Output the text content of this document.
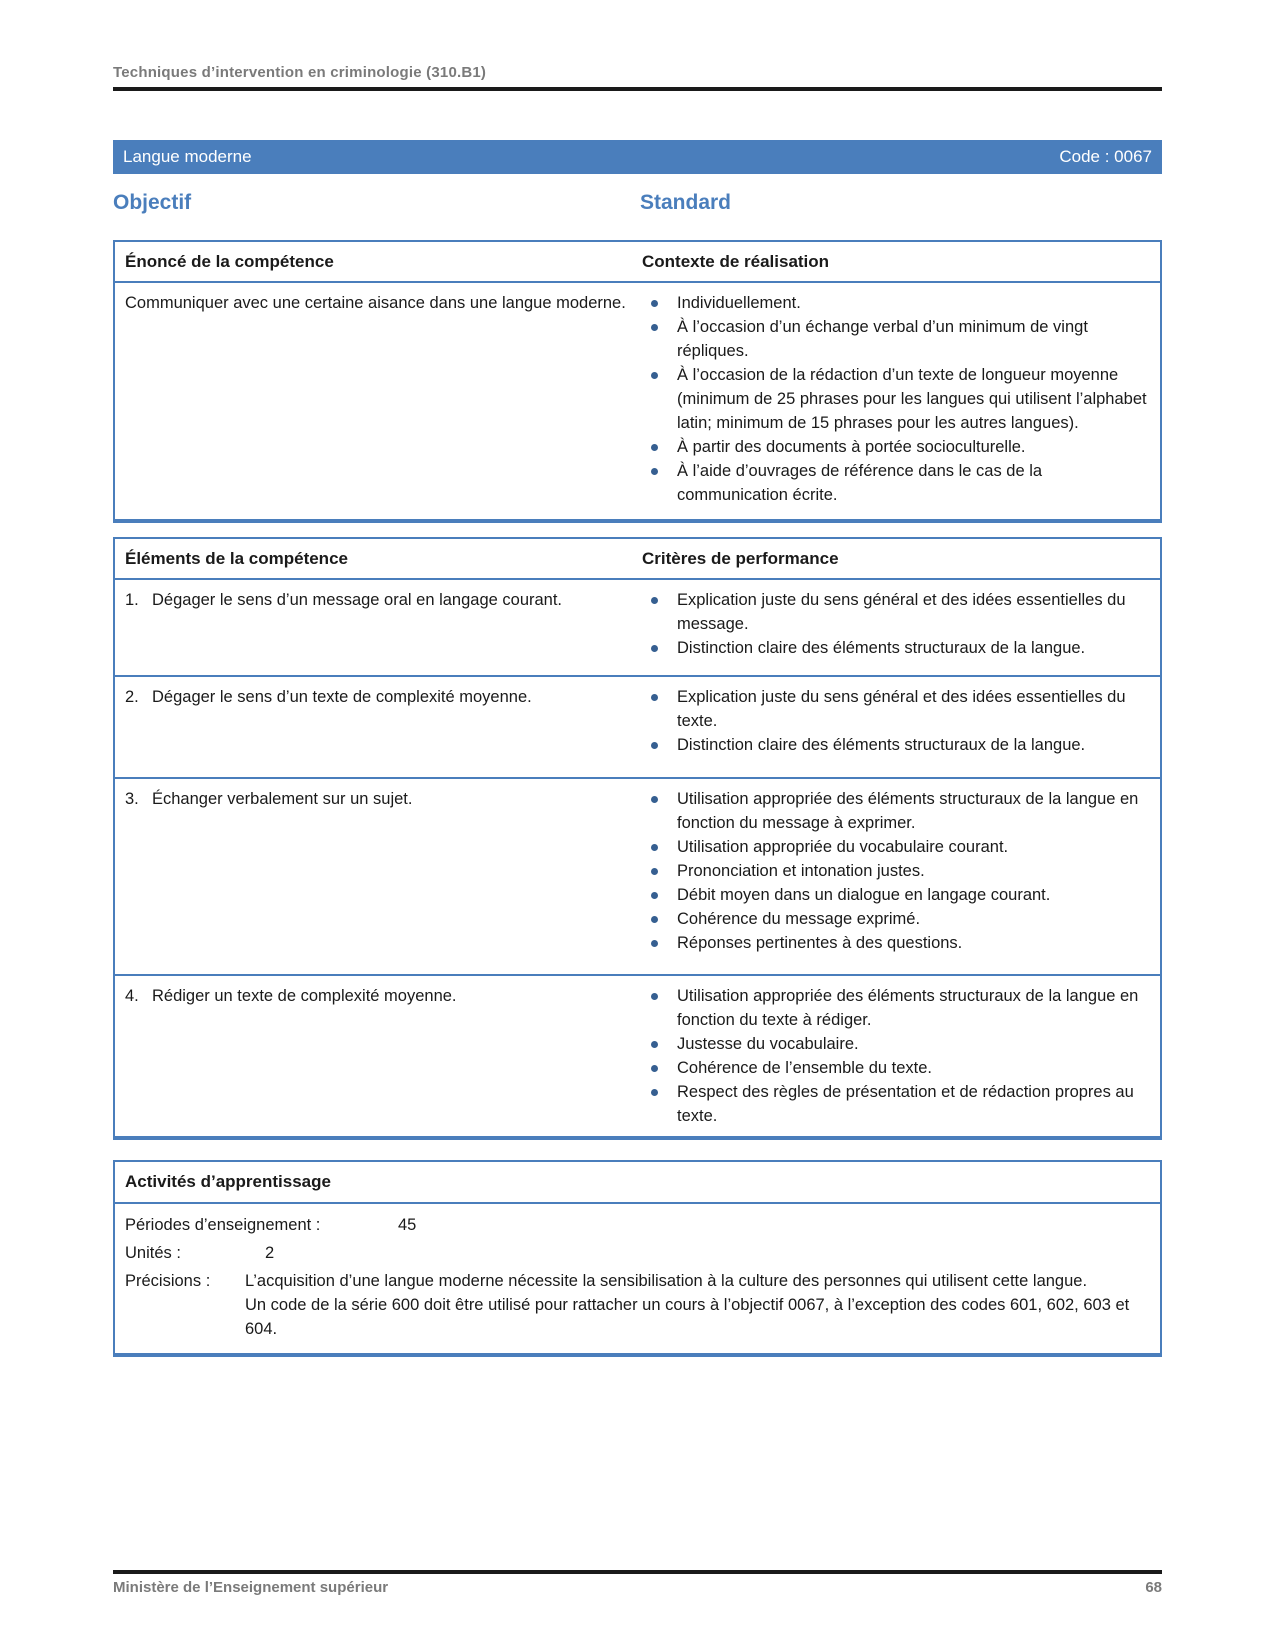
Techniques d’intervention en criminologie (310.B1)
Langue moderne	Code : 0067
Objectif	Standard
Énoncé de la compétence	Contexte de réalisation
Communiquer avec une certaine aisance dans une langue moderne.	Individuellement.
À l’occasion d’un échange verbal d’un minimum de vingt répliques.
À l’occasion de la rédaction d’un texte de longueur moyenne (minimum de 25 phrases pour les langues qui utilisent l’alphabet latin; minimum de 15 phrases pour les autres langues).
À partir des documents à portée socioculturelle.
À l’aide d’ouvrages de référence dans le cas de la communication écrite.
Éléments de la compétence	Critères de performance
1. Dégager le sens d’un message oral en langage courant.	Explication juste du sens général et des idées essentielles du message.
Distinction claire des éléments structuraux de la langue.
2. Dégager le sens d’un texte de complexité moyenne.	Explication juste du sens général et des idées essentielles du texte.
Distinction claire des éléments structuraux de la langue.
3. Échanger verbalement sur un sujet.	Utilisation appropriée des éléments structuraux de la langue en fonction du message à exprimer.
Utilisation appropriée du vocabulaire courant.
Prononciation et intonation justes.
Débit moyen dans un dialogue en langage courant.
Cohérence du message exprimé.
Réponses pertinentes à des questions.
4. Rédiger un texte de complexité moyenne.	Utilisation appropriée des éléments structuraux de la langue en fonction du texte à rédiger.
Justesse du vocabulaire.
Cohérence de l’ensemble du texte.
Respect des règles de présentation et de rédaction propres au texte.
Activités d’apprentissage
Périodes d’enseignement :	45
Unités :	2
Précisions :	L’acquisition d’une langue moderne nécessite la sensibilisation à la culture des personnes qui utilisent cette langue.

Un code de la série 600 doit être utilisé pour rattacher un cours à l’objectif 0067, à l’exception des codes 601, 602, 603 et 604.

Ministère de l’Enseignement supérieur	68
